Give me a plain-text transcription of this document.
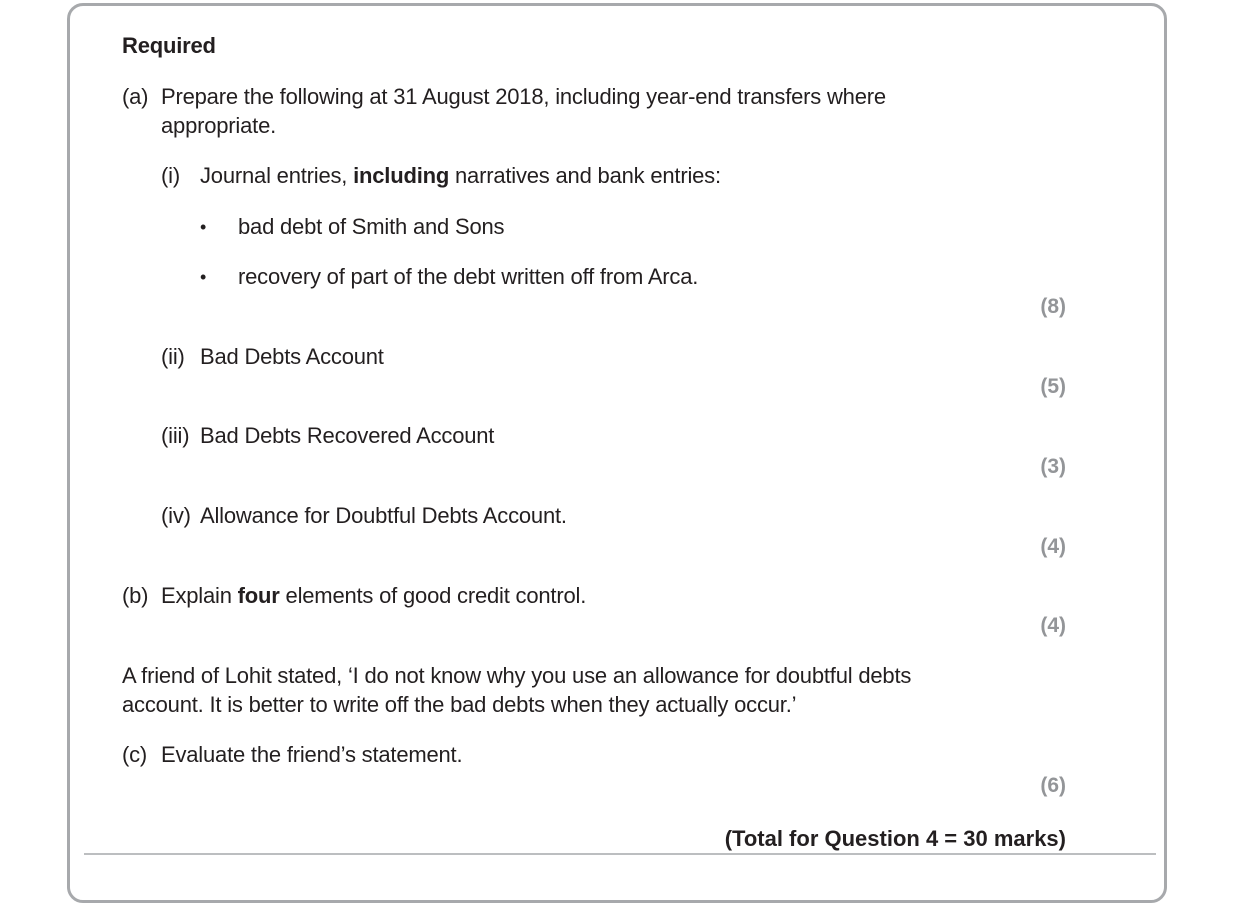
Required
(a) Prepare the following at 31 August 2018, including year-end transfers where
appropriate.
(i) Journal entries, including narratives and bank entries:
• bad debt of Smith and Sons
• recovery of part of the debt written off from Arca.
(8)
(ii) Bad Debts Account
(5)
(iii) Bad Debts Recovered Account
(3)
(iv) Allowance for Doubtful Debts Account.
(4)
(b) Explain four elements of good credit control.
(4)
A friend of Lohit stated, ‘I do not know why you use an allowance for doubtful debts
account. It is better to write off the bad debts when they actually occur.’
(c) Evaluate the friend’s statement.
(6)
(Total for Question 4 = 30 marks)
